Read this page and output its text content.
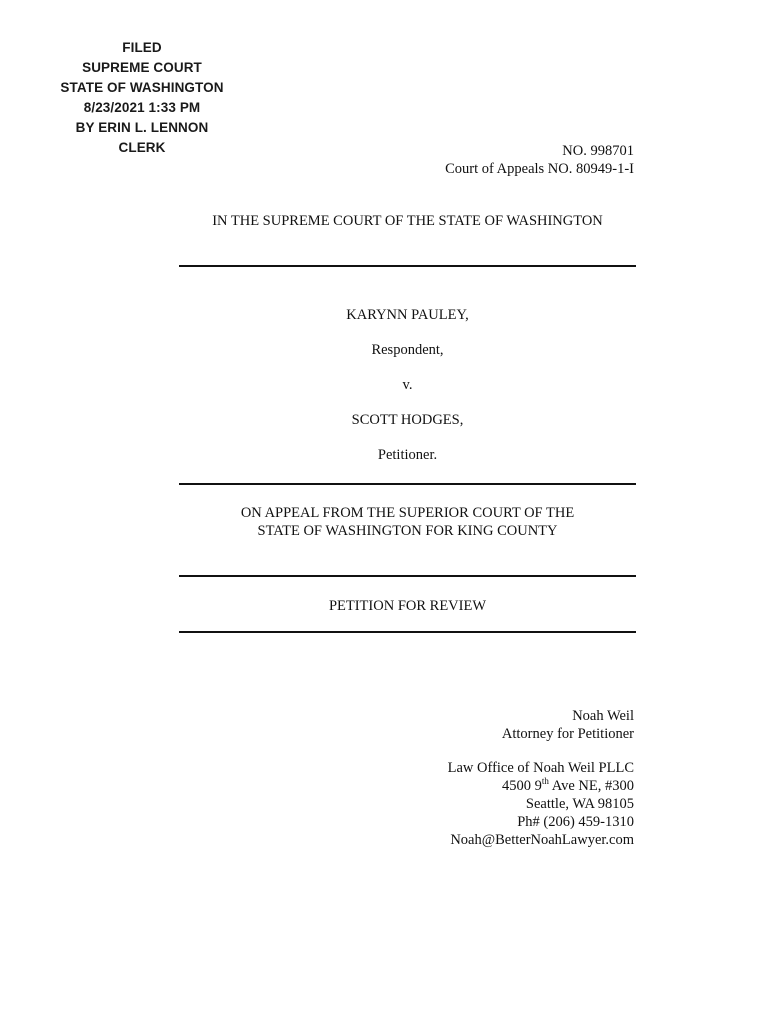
FILED
SUPREME COURT
STATE OF WASHINGTON
8/23/2021 1:33 PM
BY ERIN L. LENNON
CLERK	NO. 998701
Court of Appeals NO. 80949-1-I
IN THE SUPREME COURT OF THE STATE OF WASHINGTON
KARYNN PAULEY,
Respondent,
v.
SCOTT HODGES,
Petitioner.
ON APPEAL FROM THE SUPERIOR COURT OF THE
STATE OF WASHINGTON FOR KING COUNTY
PETITION FOR REVIEW
Noah Weil
Attorney for Petitioner
Law Office of Noah Weil PLLC
4500 9th Ave NE, #300
Seattle, WA 98105
Ph# (206) 459-1310
Noah@BetterNoahLawyer.com
